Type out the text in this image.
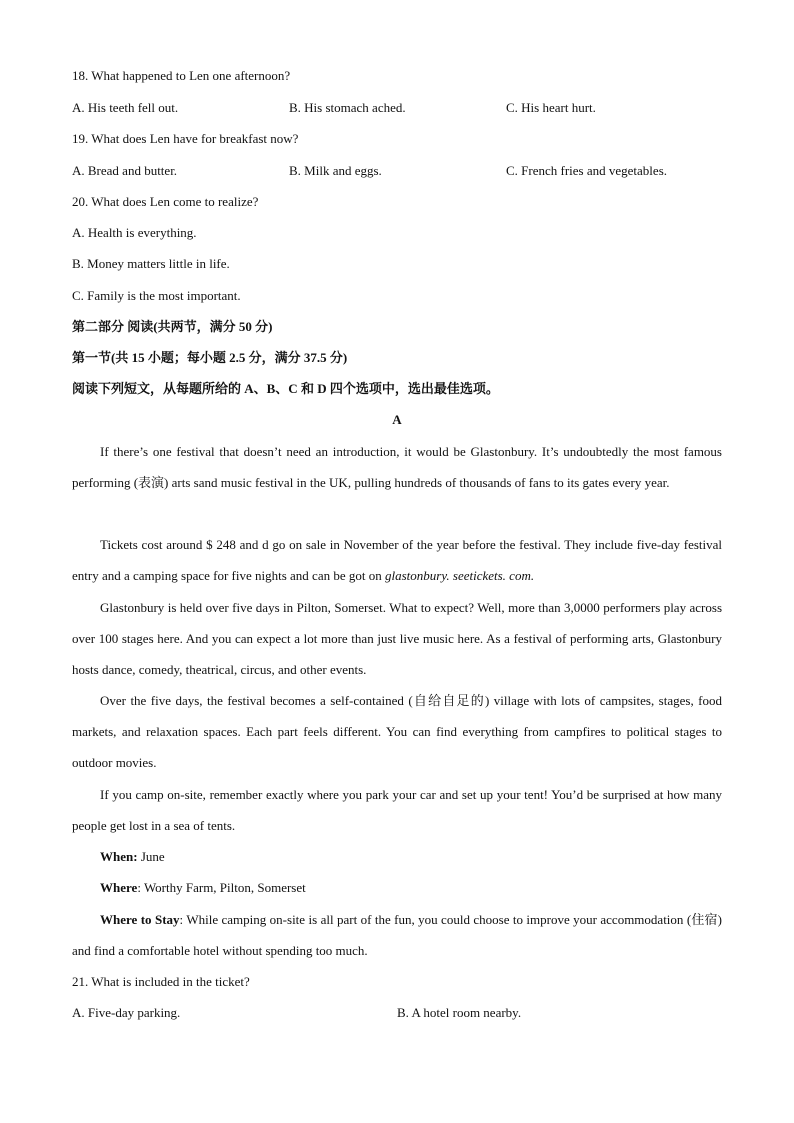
18. What happened to Len one afternoon?
A. His teeth fell out.	B. His stomach ached.	C. His heart hurt.
19. What does Len have for breakfast now?
A. Bread and butter.	B. Milk and eggs.	C. French fries and vegetables.
20. What does Len come to realize?
A. Health is everything.
B. Money matters little in life.
C. Family is the most important.
第二部分 阅读(共两节，满分 50 分)
第一节(共 15 小题；每小题 2.5 分，满分 37.5 分)
阅读下列短文，从每题所给的 A、B、C 和 D 四个选项中，选出最佳选项。
A

If there’s one festival that doesn’t need an introduction, it would be Glastonbury. It’s undoubtedly the most famous performing (表演) arts sand music festival in the UK, pulling hundreds of thousands of fans to its gates every year.

Tickets cost around $ 248 and d go on sale in November of the year before the festival. They include five-day festival entry and a camping space for five nights and can be got on glastonbury. seetickets. com.

Glastonbury is held over five days in Pilton, Somerset. What to expect? Well, more than 3,0000 performers play across over 100 stages here. And you can expect a lot more than just live music here. As a festival of performing arts, Glastonbury hosts dance, comedy, theatrical, circus, and other events.

Over the five days, the festival becomes a self-contained (自给自足的) village with lots of campsites, stages, food markets, and relaxation spaces. Each part feels different. You can find everything from campfires to political stages to outdoor movies.

If you camp on-site, remember exactly where you park your car and set up your tent! You’d be surprised at how many people get lost in a sea of tents.

When: June
Where: Worthy Farm, Pilton, Somerset

Where to Stay: While camping on-site is all part of the fun, you could choose to improve your accommodation (住宿) and find a comfortable hotel without spending too much.

21. What is included in the ticket?
A. Five-day parking.	B. A hotel room nearby.
